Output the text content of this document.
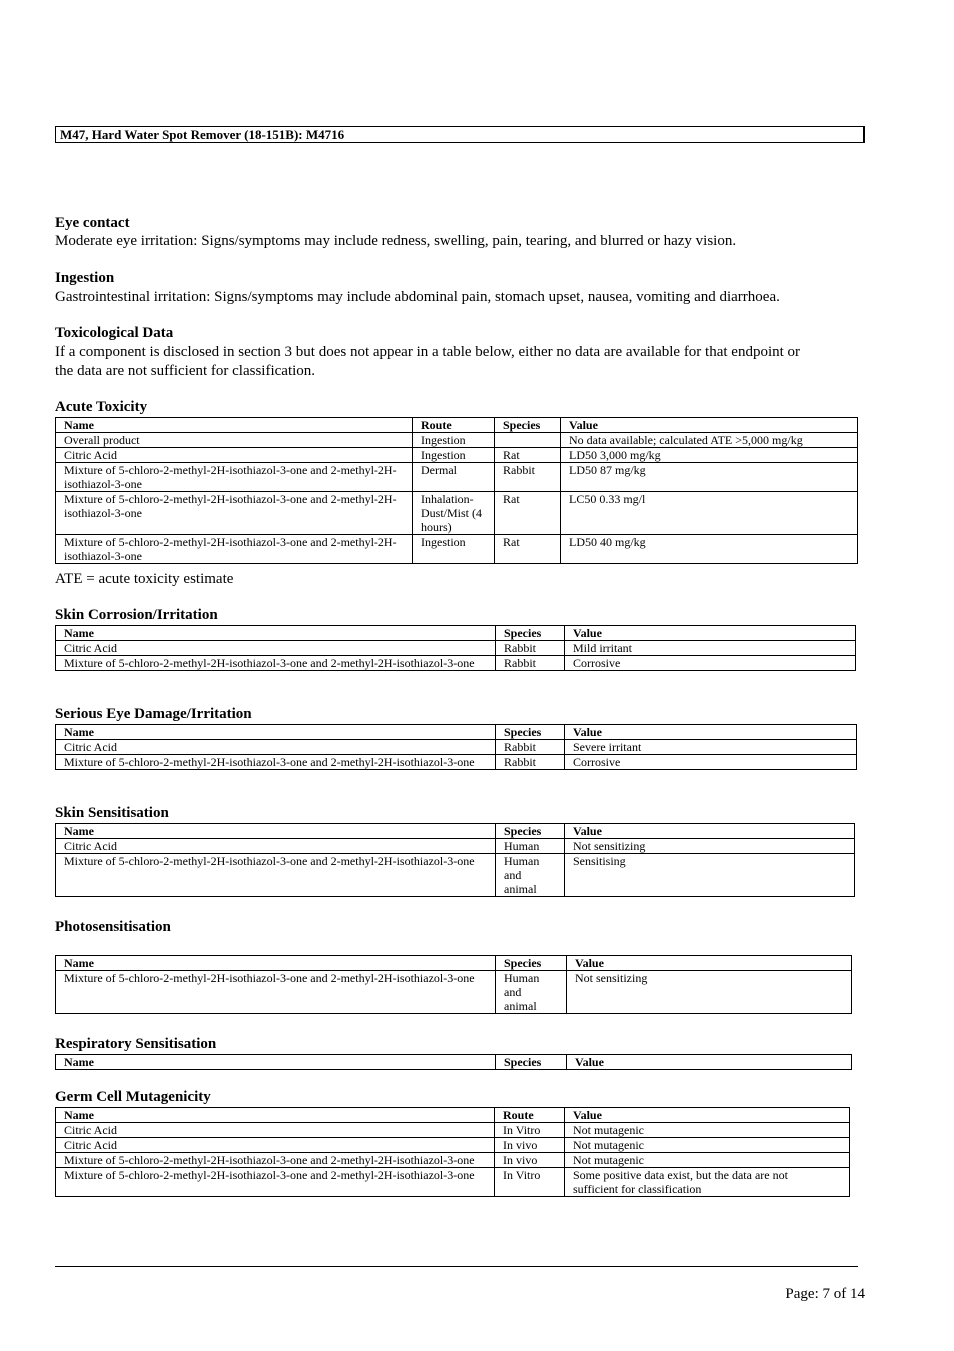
M47, Hard Water Spot Remover (18-151B): M4716
Eye contact
Moderate eye irritation: Signs/symptoms may include redness, swelling, pain, tearing, and blurred or hazy vision.
Ingestion
Gastrointestinal irritation: Signs/symptoms may include abdominal pain, stomach upset, nausea, vomiting and diarrhoea.
Toxicological Data
If a component is disclosed in section 3 but does not appear in a table below, either no data are available for that endpoint or
the data are not sufficient for classification.
Acute Toxicity
Name	Route	Species	Value
Overall product	Ingestion		No data available; calculated ATE >5,000 mg/kg
Citric Acid	Ingestion	Rat	LD50 3,000 mg/kg
Mixture of 5-chloro-2-methyl-2H-isothiazol-3-one and 2-methyl-2H-isothiazol-3-one	Dermal	Rabbit	LD50 87 mg/kg
Mixture of 5-chloro-2-methyl-2H-isothiazol-3-one and 2-methyl-2H-isothiazol-3-one	Inhalation-Dust/Mist (4 hours)	Rat	LC50 0.33 mg/l
Mixture of 5-chloro-2-methyl-2H-isothiazol-3-one and 2-methyl-2H-isothiazol-3-one	Ingestion	Rat	LD50 40 mg/kg
ATE = acute toxicity estimate
Skin Corrosion/Irritation
Name	Species	Value
Citric Acid	Rabbit	Mild irritant
Mixture of 5-chloro-2-methyl-2H-isothiazol-3-one and 2-methyl-2H-isothiazol-3-one	Rabbit	Corrosive
Serious Eye Damage/Irritation
Name	Species	Value
Citric Acid	Rabbit	Severe irritant
Mixture of 5-chloro-2-methyl-2H-isothiazol-3-one and 2-methyl-2H-isothiazol-3-one	Rabbit	Corrosive
Skin Sensitisation
Name	Species	Value
Citric Acid	Human	Not sensitizing
Mixture of 5-chloro-2-methyl-2H-isothiazol-3-one and 2-methyl-2H-isothiazol-3-one	Human and animal	Sensitising
Photosensitisation
Name	Species	Value
Mixture of 5-chloro-2-methyl-2H-isothiazol-3-one and 2-methyl-2H-isothiazol-3-one	Human and animal	Not sensitizing
Respiratory Sensitisation
Name	Species	Value
Germ Cell Mutagenicity
Name	Route	Value
Citric Acid	In Vitro	Not mutagenic
Citric Acid	In vivo	Not mutagenic
Mixture of 5-chloro-2-methyl-2H-isothiazol-3-one and 2-methyl-2H-isothiazol-3-one	In vivo	Not mutagenic
Mixture of 5-chloro-2-methyl-2H-isothiazol-3-one and 2-methyl-2H-isothiazol-3-one	In Vitro	Some positive data exist, but the data are not sufficient for classification
Page: 7 of 14
